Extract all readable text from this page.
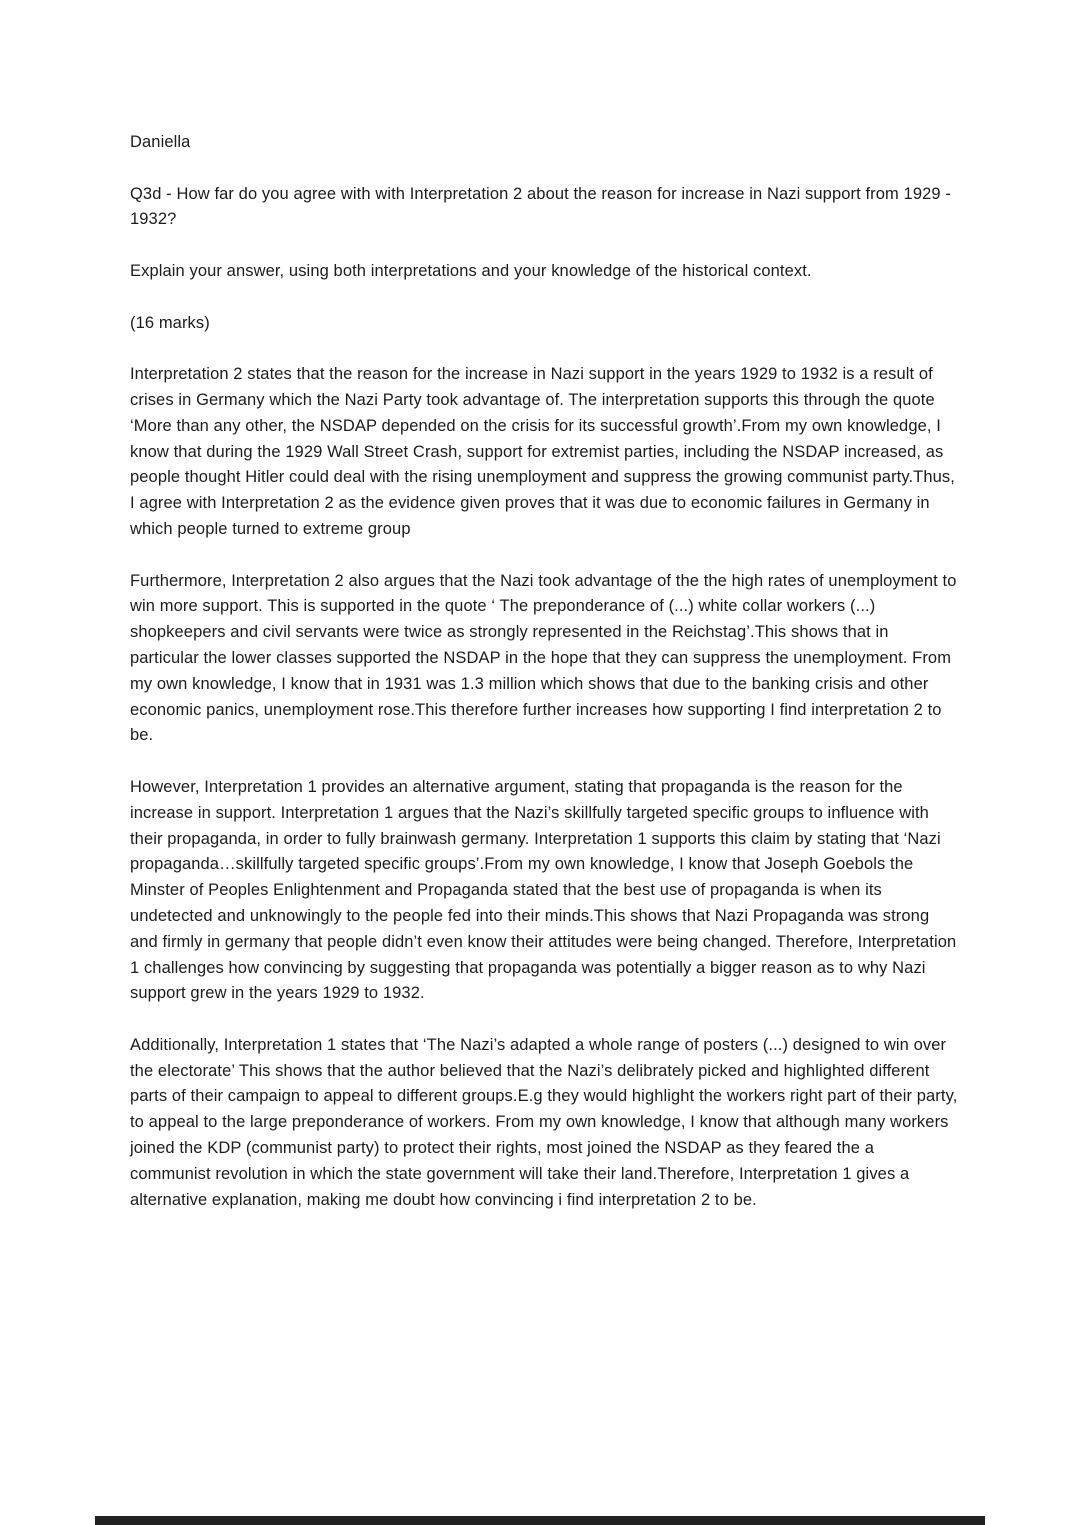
Daniella

Q3d - How far do you agree with with Interpretation 2 about the reason for increase in Nazi support from 1929 - 1932?

Explain your answer, using both interpretations and your knowledge of the historical context.

(16 marks)

Interpretation 2 states that the reason for the increase in Nazi support in the years 1929 to 1932 is a result of crises in Germany which the Nazi Party took advantage of. The interpretation supports this through the quote ‘More than any other, the NSDAP depended on the crisis for its successful growth’.From my own knowledge, I know that during the 1929 Wall Street Crash, support for extremist parties, including the NSDAP increased, as people thought Hitler could deal with the rising unemployment and suppress the growing communist party.Thus, I agree with Interpretation 2 as the evidence given proves that it was due to economic failures in Germany in which people turned to extreme group

Furthermore, Interpretation 2 also argues that the Nazi took advantage of the the high rates of unemployment to win more support. This is supported in the quote ‘ The preponderance of (...) white collar workers (...) shopkeepers and civil servants were twice as strongly represented in the Reichstag’.This shows that in particular the lower classes supported the NSDAP in the hope that they can suppress the unemployment. From my own knowledge, I know that in 1931 was 1.3 million which shows that due to the banking crisis and other economic panics, unemployment rose.This therefore further increases how supporting I find interpretation 2 to be.

However, Interpretation 1 provides an alternative argument, stating that propaganda is the reason for the increase in support. Interpretation 1 argues that the Nazi’s skillfully targeted specific groups to influence with their propaganda, in order to fully brainwash germany. Interpretation 1 supports this claim by stating that ‘Nazi propaganda…skillfully targeted specific groups’.From my own knowledge, I know that Joseph Goebols the Minster of Peoples Enlightenment and Propaganda stated that the best use of propaganda is when its undetected and unknowingly to the people fed into their minds.This shows that Nazi Propaganda was strong and firmly in germany that people didn’t even know their attitudes were being changed. Therefore, Interpretation 1 challenges how convincing by suggesting that propaganda was potentially a bigger reason as to why Nazi support grew in the years 1929 to 1932.

Additionally, Interpretation 1 states that ‘The Nazi’s adapted a whole range of posters (...) designed to win over the electorate’ This shows that the author believed that the Nazi’s delibrately picked and highlighted different parts of their campaign to appeal to different groups.E.g they would highlight the workers right part of their party, to appeal to the large preponderance of workers. From my own knowledge, I know that although many workers joined the KDP (communist party) to protect their rights, most joined the NSDAP as they feared the a communist revolution in which the state government will take their land.Therefore, Interpretation 1 gives a alternative explanation, making me doubt how convincing i find interpretation 2 to be.
